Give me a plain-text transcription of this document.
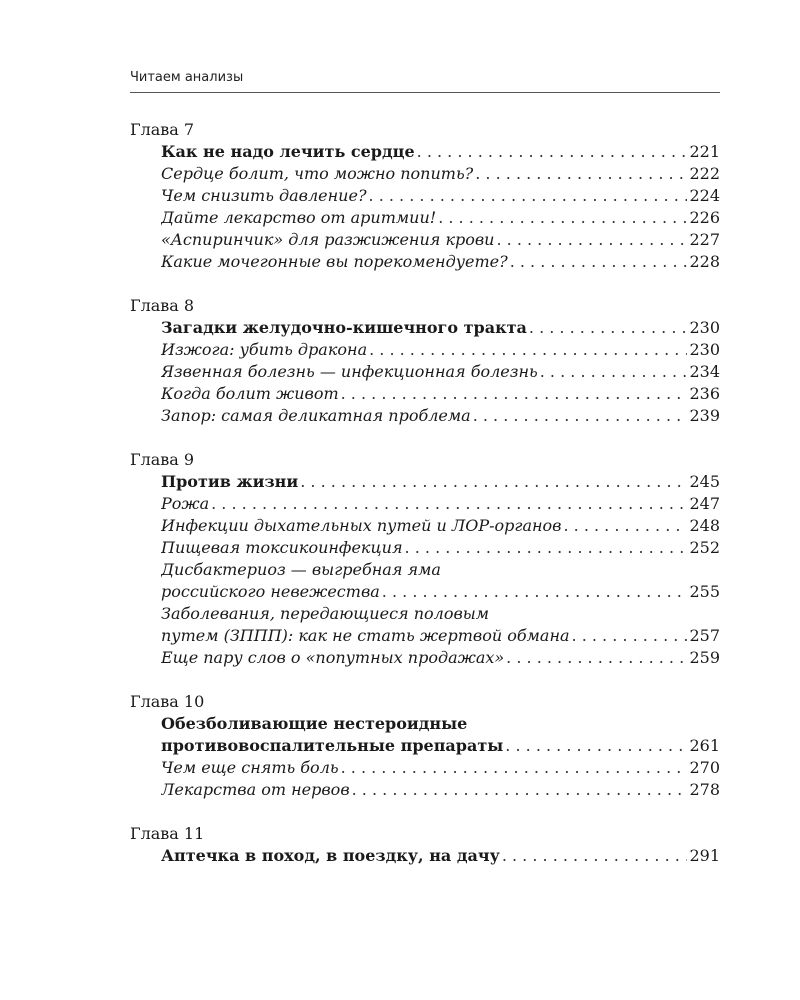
Читаем анализы
Глава 7
Как не надо лечить сердце . . .	221
Сердце болит, что можно попить? . . .	222
Чем снизить давление? . . .	224
Дайте лекарство от аритмии! . . .	226
«Аспиринчик» для разжижения крови . . .	227
Какие мочегонные вы порекомендуете? . . .	228
Глава 8
Загадки желудочно-кишечного тракта . . .	230
Изжога: убить дракона . . .	230
Язвенная болезнь — инфекционная болезнь . . .	234
Когда болит живот . . .	236
Запор: самая деликатная проблема . . .	239
Глава 9
Против жизни . . .	245
Рожа . . .	247
Инфекции дыхательных путей и ЛОР-органов . . .	248
Пищевая токсикоинфекция . . .	252
Дисбактериоз — выгребная яма
российского невежества . . .	255
Заболевания, передающиеся половым
путем (ЗППП): как не стать жертвой обмана . . .	257
Еще пару слов о «попутных продажах» . . .	259
Глава 10
Обезболивающие нестероидные
противовоспалительные препараты . . .	261
Чем еще снять боль . . .	270
Лекарства от нервов . . .	278
Глава 11
Аптечка в поход, в поездку, на дачу . . .	291
